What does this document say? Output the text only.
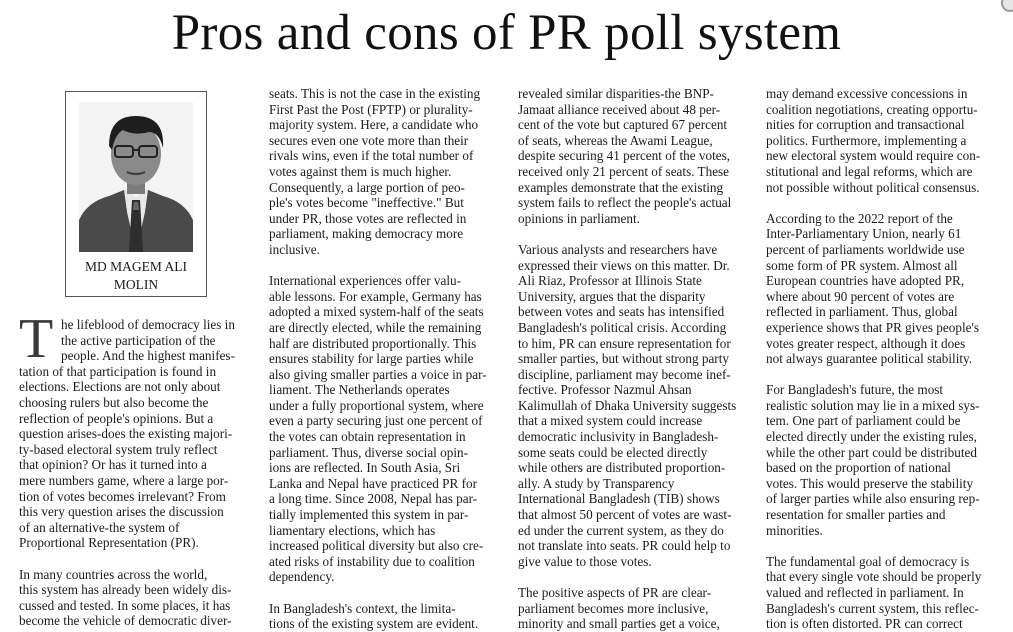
Pros and cons of PR poll system
MD MAGEM ALI
MOLIN
T he lifeblood of democracy lies in

the active participation of the

people. And the highest manifes-

tation of that participation is found in

elections. Elections are not only about

choosing rulers but also become the

reflection of people's opinions. But a

question arises-does the existing majori-

ty-based electoral system truly reflect

that opinion? Or has it turned into a

mere numbers game, where a large por-

tion of votes becomes irrelevant? From

this very question arises the discussion

of an alternative-the system of

Proportional Representation (PR).

In many countries across the world,

this system has already been widely dis-

cussed and tested. In some places, it has

become the vehicle of democratic diver-

seats. This is not the case in the existing

First Past the Post (FPTP) or plurality-

majority system. Here, a candidate who

secures even one vote more than their

rivals wins, even if the total number of

votes against them is much higher.

Consequently, a large portion of peo-

ple's votes become "ineffective." But

under PR, those votes are reflected in

parliament, making democracy more

inclusive.

International experiences offer valu-

able lessons. For example, Germany has

adopted a mixed system-half of the seats

are directly elected, while the remaining

half are distributed proportionally. This

ensures stability for large parties while

also giving smaller parties a voice in par-

liament. The Netherlands operates

under a fully proportional system, where

even a party securing just one percent of

the votes can obtain representation in

parliament. Thus, diverse social opin-

ions are reflected. In South Asia, Sri

Lanka and Nepal have practiced PR for

a long time. Since 2008, Nepal has par-

tially implemented this system in par-

liamentary elections, which has

increased political diversity but also cre-

ated risks of instability due to coalition

dependency.

In Bangladesh's context, the limita-

tions of the existing system are evident.

revealed similar disparities-the BNP-

Jamaat alliance received about 48 per-

cent of the vote but captured 67 percent

of seats, whereas the Awami League,

despite securing 41 percent of the votes,

received only 21 percent of seats. These

examples demonstrate that the existing

system fails to reflect the people's actual

opinions in parliament.

Various analysts and researchers have

expressed their views on this matter. Dr.

Ali Riaz, Professor at Illinois State

University, argues that the disparity

between votes and seats has intensified

Bangladesh's political crisis. According

to him, PR can ensure representation for

smaller parties, but without strong party

discipline, parliament may become inef-

fective. Professor Nazmul Ahsan

Kalimullah of Dhaka University suggests

that a mixed system could increase

democratic inclusivity in Bangladesh-

some seats could be elected directly

while others are distributed proportion-

ally. A study by Transparency

International Bangladesh (TIB) shows

that almost 50 percent of votes are wast-

ed under the current system, as they do

not translate into seats. PR could help to

give value to those votes.

The positive aspects of PR are clear-

parliament becomes more inclusive,

minority and small parties get a voice,

may demand excessive concessions in

coalition negotiations, creating opportu-

nities for corruption and transactional

politics. Furthermore, implementing a

new electoral system would require con-

stitutional and legal reforms, which are

not possible without political consensus.

According to the 2022 report of the

Inter-Parliamentary Union, nearly 61

percent of parliaments worldwide use

some form of PR system. Almost all

European countries have adopted PR,

where about 90 percent of votes are

reflected in parliament. Thus, global

experience shows that PR gives people's

votes greater respect, although it does

not always guarantee political stability.

For Bangladesh's future, the most

realistic solution may lie in a mixed sys-

tem. One part of parliament could be

elected directly under the existing rules,

while the other part could be distributed

based on the proportion of national

votes. This would preserve the stability

of larger parties while also ensuring rep-

resentation for smaller parties and

minorities.

The fundamental goal of democracy is

that every single vote should be properly

valued and reflected in parliament. In

Bangladesh's current system, this reflec-

tion is often distorted. PR can correct
